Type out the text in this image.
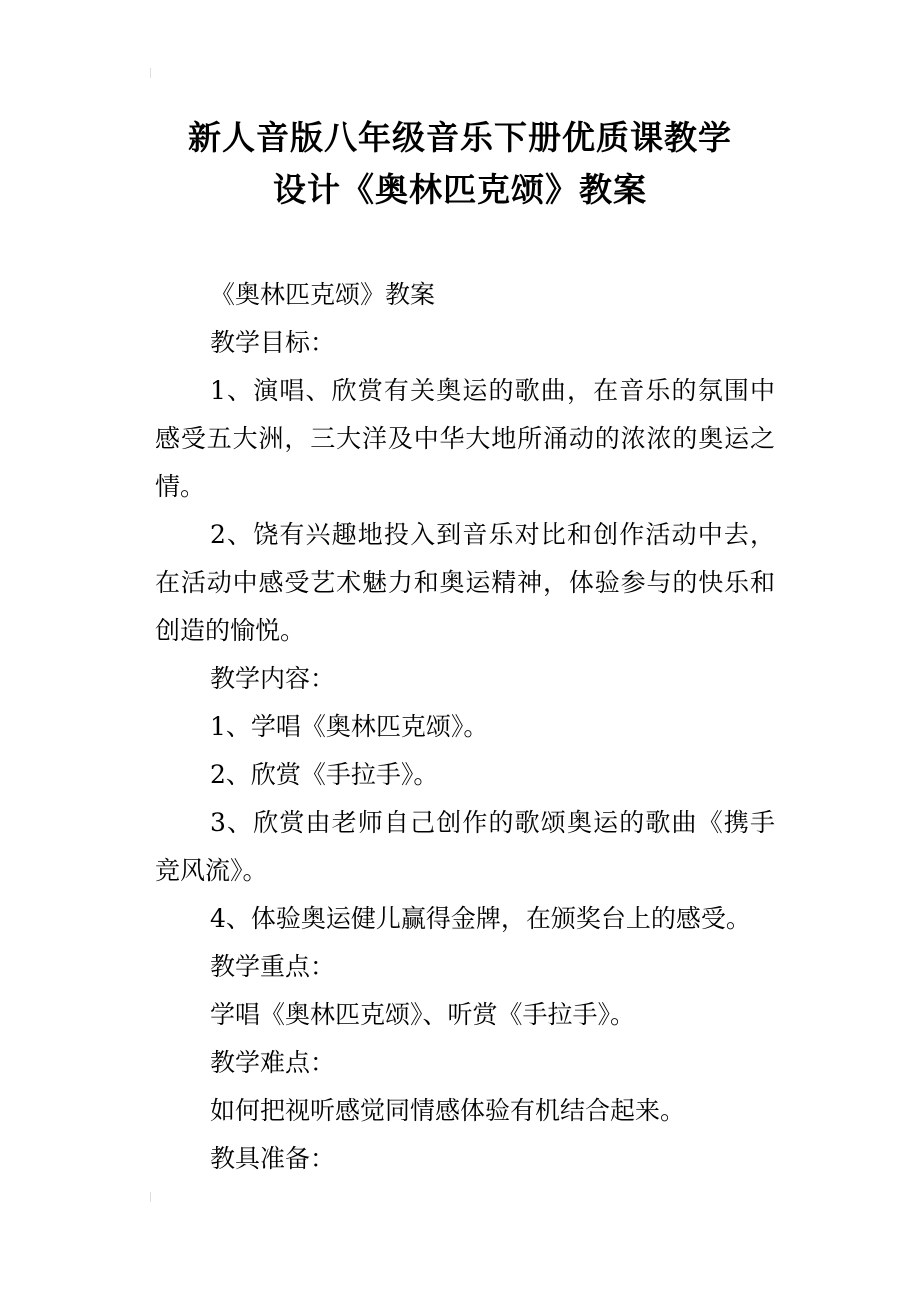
新人音版八年级音乐下册优质课教学
设计《奥林匹克颂》教案

《奥林匹克颂》教案

教学目标：

1、演唱、欣赏有关奥运的歌曲，在音乐的氛围中感受五大洲，三大洋及中华大地所涌动的浓浓的奥运之情。

2、饶有兴趣地投入到音乐对比和创作活动中去，在活动中感受艺术魅力和奥运精神，体验参与的快乐和创造的愉悦。

教学内容：

1、学唱《奥林匹克颂》。

2、欣赏《手拉手》。

3、欣赏由老师自己创作的歌颂奥运的歌曲《携手竞风流》。

4、体验奥运健儿赢得金牌，在颁奖台上的感受。

教学重点：

学唱《奥林匹克颂》、听赏《手拉手》。

教学难点：

如何把视听感觉同情感体验有机结合起来。

教具准备：
